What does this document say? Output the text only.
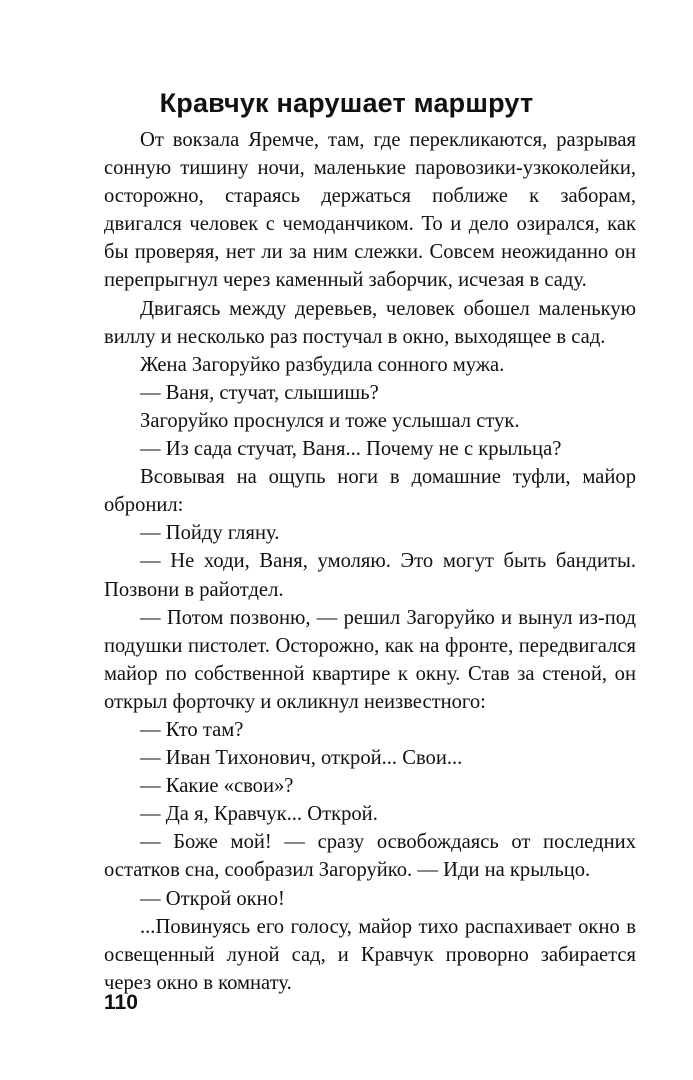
Кравчук нарушает маршрут

От вокзала Яремче, там, где перекликаются, разрывая сонную тишину ночи, маленькие паровозики-узкоколейки, осторожно, стараясь держаться поближе к заборам, двигался человек с чемоданчиком. То и дело озирался, как бы проверяя, нет ли за ним слежки. Совсем неожиданно он перепрыгнул через каменный заборчик, исчезая в саду.

Двигаясь между деревьев, человек обошел маленькую виллу и несколько раз постучал в окно, выходящее в сад.

Жена Загоруйко разбудила сонного мужа.

— Ваня, стучат, слышишь?

Загоруйко проснулся и тоже услышал стук.

— Из сада стучат, Ваня... Почему не с крыльца?

Всовывая на ощупь ноги в домашние туфли, майор обронил:

— Пойду гляну.

— Не ходи, Ваня, умоляю. Это могут быть бандиты. Позвони в райотдел.

— Потом позвоню, — решил Загоруйко и вынул из-под подушки пистолет. Осторожно, как на фронте, передвигался майор по собственной квартире к окну. Став за стеной, он открыл форточку и окликнул неизвестного:

— Кто там?

— Иван Тихонович, открой... Свои...

— Какие «свои»?

— Да я, Кравчук... Открой.

— Боже мой! — сразу освобождаясь от последних остатков сна, сообразил Загоруйко. — Иди на крыльцо.

— Открой окно!

...Повинуясь его голосу, майор тихо распахивает окно в освещенный луной сад, и Кравчук проворно забирается через окно в комнату.

110
